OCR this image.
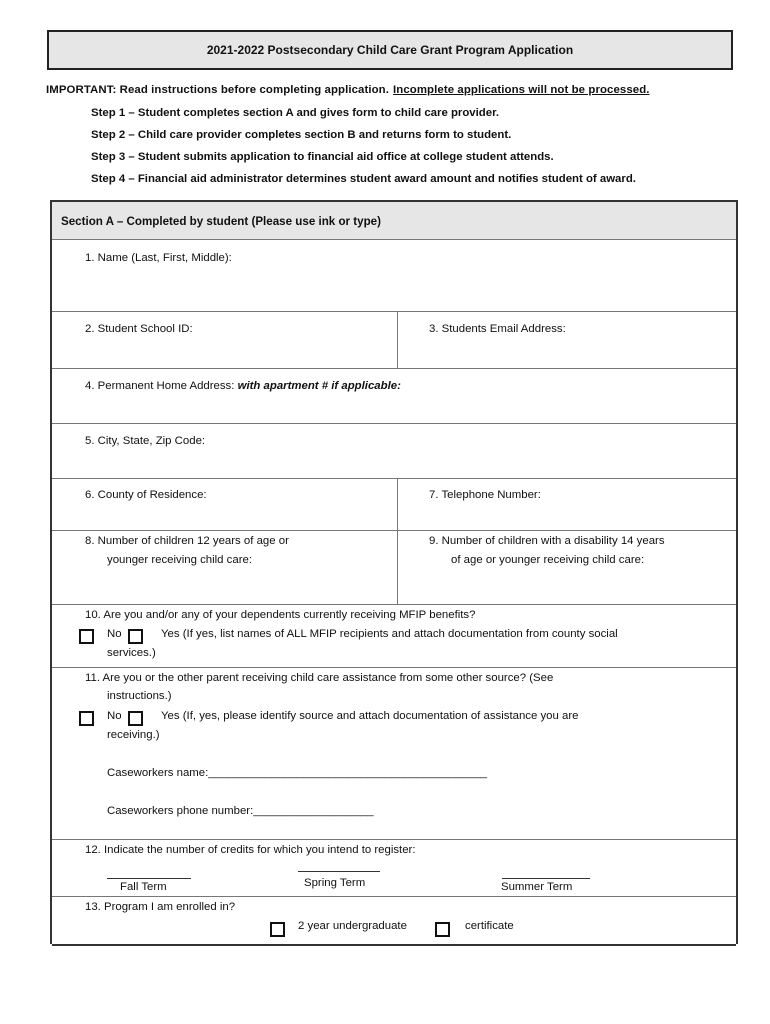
2021-2022 Postsecondary Child Care Grant Program Application
IMPORTANT: Read instructions before completing application. Incomplete applications will not be processed.
Step 1 – Student completes section A and gives form to child care provider.
Step 2 – Child care provider completes section B and returns form to student.
Step 3 – Student submits application to financial aid office at college student attends.
Step 4 – Financial aid administrator determines student award amount and notifies student of award.
Section A – Completed by student (Please use ink or type)
1. Name (Last, First, Middle):
2. Student School ID:	3. Students Email Address:
4. Permanent Home Address: with apartment # if applicable:
5. City, State, Zip Code:
6. County of Residence:	7. Telephone Number:
8. Number of children 12 years of age or
younger receiving child care:
9. Number of children with a disability 14 years
of age or younger receiving child care:
10. Are you and/or any of your dependents currently receiving MFIP benefits?
No	Yes (If yes, list names of ALL MFIP recipients and attach documentation from county social
services.)
11. Are you or the other parent receiving child care assistance from some other source? (See
instructions.)
No	Yes (If, yes, please identify source and attach documentation of assistance you are
receiving.)
Caseworkers name:____________________________________________
Caseworkers phone number:___________________
12. Indicate the number of credits for which you intend to register:
Fall Term	Spring Term	Summer Term
13. Program I am enrolled in?
2 year undergraduate	certificate
